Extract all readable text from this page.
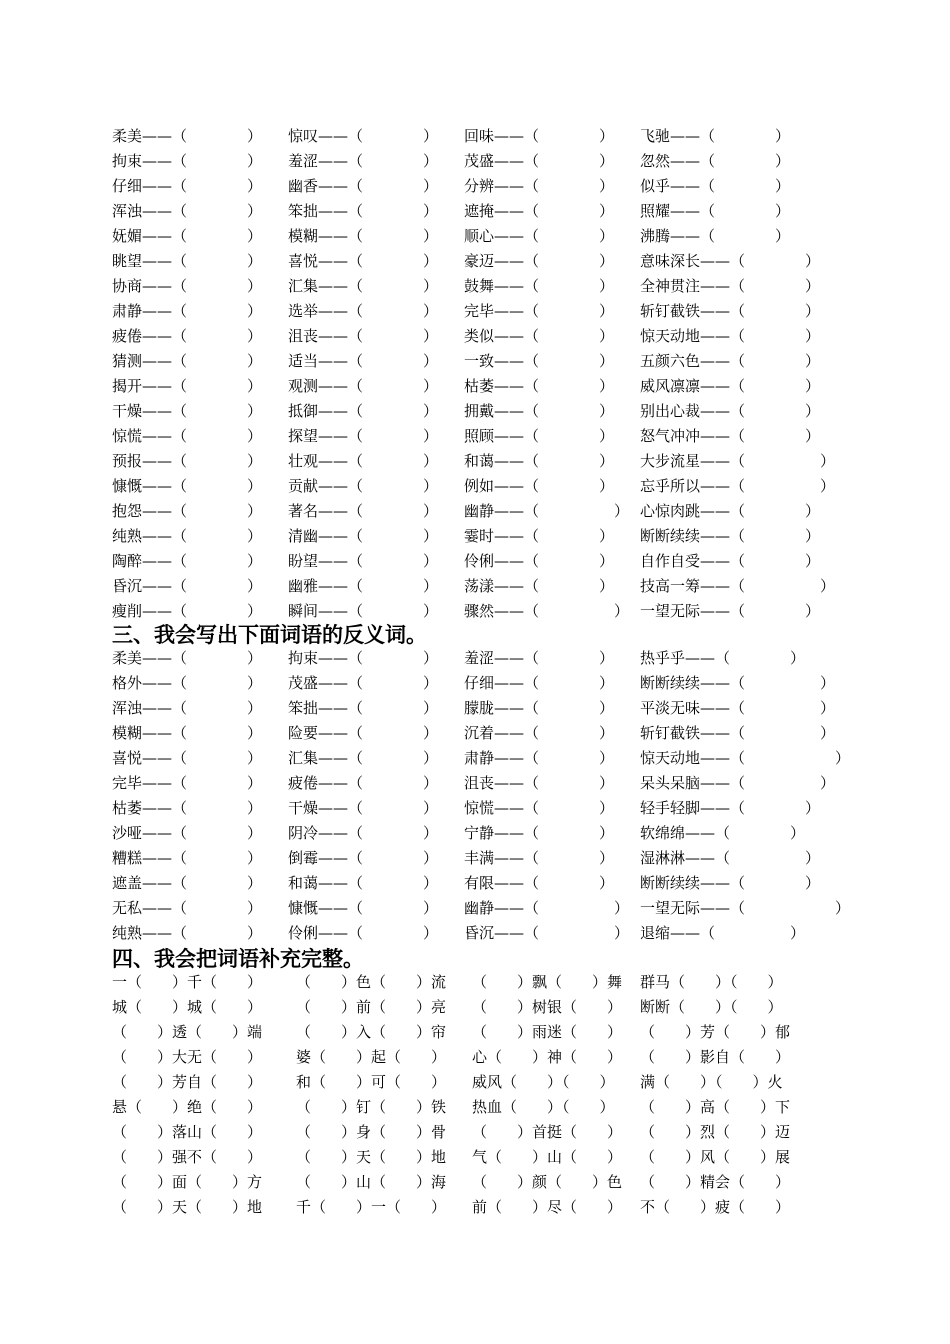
柔美——（　　　　） 惊叹——（　　　　） 回味——（　　　　） 飞驰——（　　　　）
拘束——（　　　　） 羞涩——（　　　　） 茂盛——（　　　　） 忽然——（　　　　）
仔细——（　　　　） 幽香——（　　　　） 分辨——（　　　　） 似乎——（　　　　）
浑浊——（　　　　） 笨拙——（　　　　） 遮掩——（　　　　） 照耀——（　　　　）
妩媚——（　　　　） 模糊——（　　　　） 顺心——（　　　　） 沸腾——（　　　　）
眺望——（　　　　） 喜悦——（　　　　） 豪迈——（　　　　） 意味深长——（　　　　）
协商——（　　　　） 汇集——（　　　　） 鼓舞——（　　　　） 全神贯注——（　　　　）
肃静——（　　　　） 选举——（　　　　） 完毕——（　　　　） 斩钉截铁——（　　　　）
疲倦——（　　　　） 沮丧——（　　　　） 类似——（　　　　） 惊天动地——（　　　　）
猜测——（　　　　） 适当——（　　　　） 一致——（　　　　） 五颜六色——（　　　　）
揭开——（　　　　） 观测——（　　　　） 枯萎——（　　　　） 威风凛凛——（　　　　）
干燥——（　　　　） 抵御——（　　　　） 拥戴——（　　　　） 别出心裁——（　　　　）
惊慌——（　　　　） 探望——（　　　　） 照顾——（　　　　） 怒气冲冲——（　　　　）
预报——（　　　　） 壮观——（　　　　） 和蔼——（　　　　） 大步流星——（　　　　　）
慷慨——（　　　　） 贡献——（　　　　） 例如——（　　　　） 忘乎所以——（　　　　　）
抱怨——（　　　　） 著名——（　　　　） 幽静——（　　　　　） 心惊肉跳——（　　　　）
纯熟——（　　　　） 清幽——（　　　　） 霎时——（　　　　） 断断续续——（　　　　）
陶醉——（　　　　） 盼望——（　　　　） 伶俐——（　　　　） 自作自受——（　　　　）
昏沉——（　　　　） 幽雅——（　　　　） 荡漾——（　　　　） 技高一筹——（　　　　　）
瘦削——（　　　　） 瞬间——（　　　　） 骤然——（　　　　　） 一望无际——（　　　　）
三、我会写出下面词语的反义词。
柔美——（　　　　） 拘束——（　　　　） 羞涩——（　　　　） 热乎乎——（　　　　）
格外——（　　　　） 茂盛——（　　　　） 仔细——（　　　　） 断断续续——（　　　　　）
浑浊——（　　　　） 笨拙——（　　　　） 朦胧——（　　　　） 平淡无味——（　　　　　）
模糊——（　　　　） 险要——（　　　　） 沉着——（　　　　） 斩钉截铁——（　　　　　）
喜悦——（　　　　） 汇集——（　　　　） 肃静——（　　　　） 惊天动地——（　　　　　　）
完毕——（　　　　） 疲倦——（　　　　） 沮丧——（　　　　） 呆头呆脑——（　　　　　）
枯萎——（　　　　） 干燥——（　　　　） 惊慌——（　　　　） 轻手轻脚——（　　　　）
沙哑——（　　　　） 阴冷——（　　　　） 宁静——（　　　　） 软绵绵——（　　　　）
糟糕——（　　　　） 倒霉——（　　　　） 丰满——（　　　　） 湿淋淋——（　　　　　）
遮盖——（　　　　） 和蔼——（　　　　） 有限——（　　　　） 断断续续——（　　　　）
无私——（　　　　） 慷慨——（　　　　） 幽静——（　　　　　） 一望无际——（　　　　　　）
纯熟——（　　　　） 伶俐——（　　　　） 昏沉——（　　　　　） 退缩——（　　　　　）
四、我会把词语补充完整。
一（　　）千（　　） （　　）色（　　）流 （　　）飘（　　）舞 群马（　　）（　　）
城（　　）城（　　） （　　）前（　　）亮 （　　）树银（　　） 断断（　　）（　　）
（　　）透（　　）端 （　　）入（　　）帘 （　　）雨迷（　　） （　　）芳（　　）郁
（　　）大无（　　） 婆（　　）起（　　） 心（　　）神（　　） （　　）影自（　　）
（　　）芳自（　　） 和（　　）可（　　） 威风（　　）（　　） 满（　　）（　　）火
悬（　　）绝（　　） （　　）钉（　　）铁 热血（　　）（　　） （　　）高（　　）下
（　　）落山（　　） （　　）身（　　）骨 （　　）首挺（　　） （　　）烈（　　）迈
（　　）强不（　　） （　　）天（　　）地 气（　　）山（　　） （　　）风（　　）展
（　　）面（　　）方 （　　）山（　　）海 （　　）颜（　　）色 （　　）精会（　　）
（　　）天（　　）地 千（　　）一（　　） 前（　　）尽（　　） 不（　　）疲（　　）
